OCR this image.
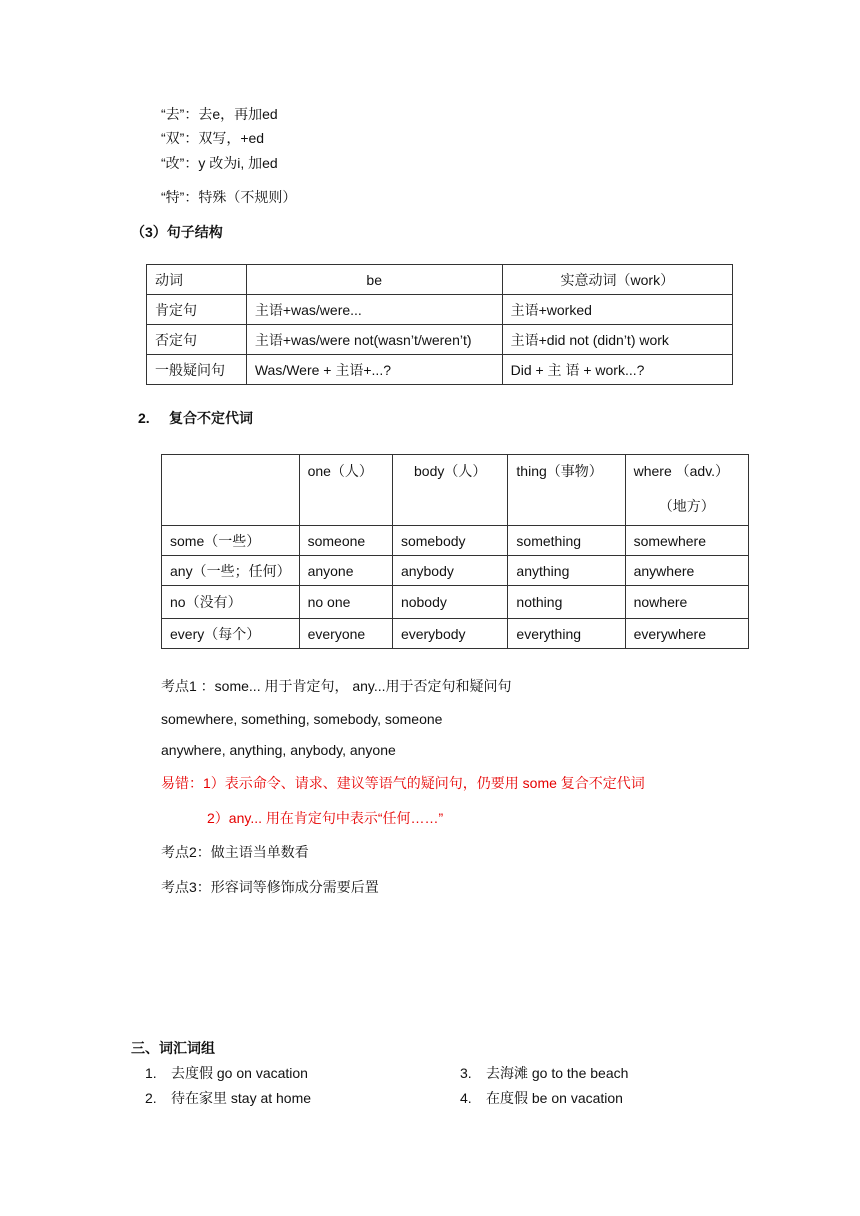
“去”：去e，再加ed
“双”：双写，+ed
“改”：y 改为i, 加ed
“特”：特殊（不规则）
（3）句子结构
动词	be	实意动词（work）
肯定句	主语+was/were...	主语+worked
否定句	主语+was/were not(wasn’t/weren’t)	主语+did not (didn’t) work
一般疑问句	Was/Were + 主语+...?	Did + 主 语 + work...?
2. 复合不定代词
	one（人）	body（人）	thing（事物）	where （adv.）
（地方）

some（一些）	someone	somebody	something	somewhere
any（一些；任何）	anyone	anybody	anything	anywhere
no（没有）	no one	nobody	nothing	nowhere
every（每个）	everyone	everybody	everything	everywhere
考点1 ：some... 用于肯定句， any...用于否定句和疑问句
somewhere, something, somebody, someone
anywhere, anything, anybody, anyone
易错：1）表示命令、请求、建议等语气的疑问句，仍要用 some 复合不定代词
2）any... 用在肯定句中表示“任何……”
考点2：做主语当单数看
考点3：形容词等修饰成分需要后置
三、词汇词组
1. 去度假 go on vacation
2. 待在家里 stay at home
3. 去海滩 go to the beach
4. 在度假 be on vacation
